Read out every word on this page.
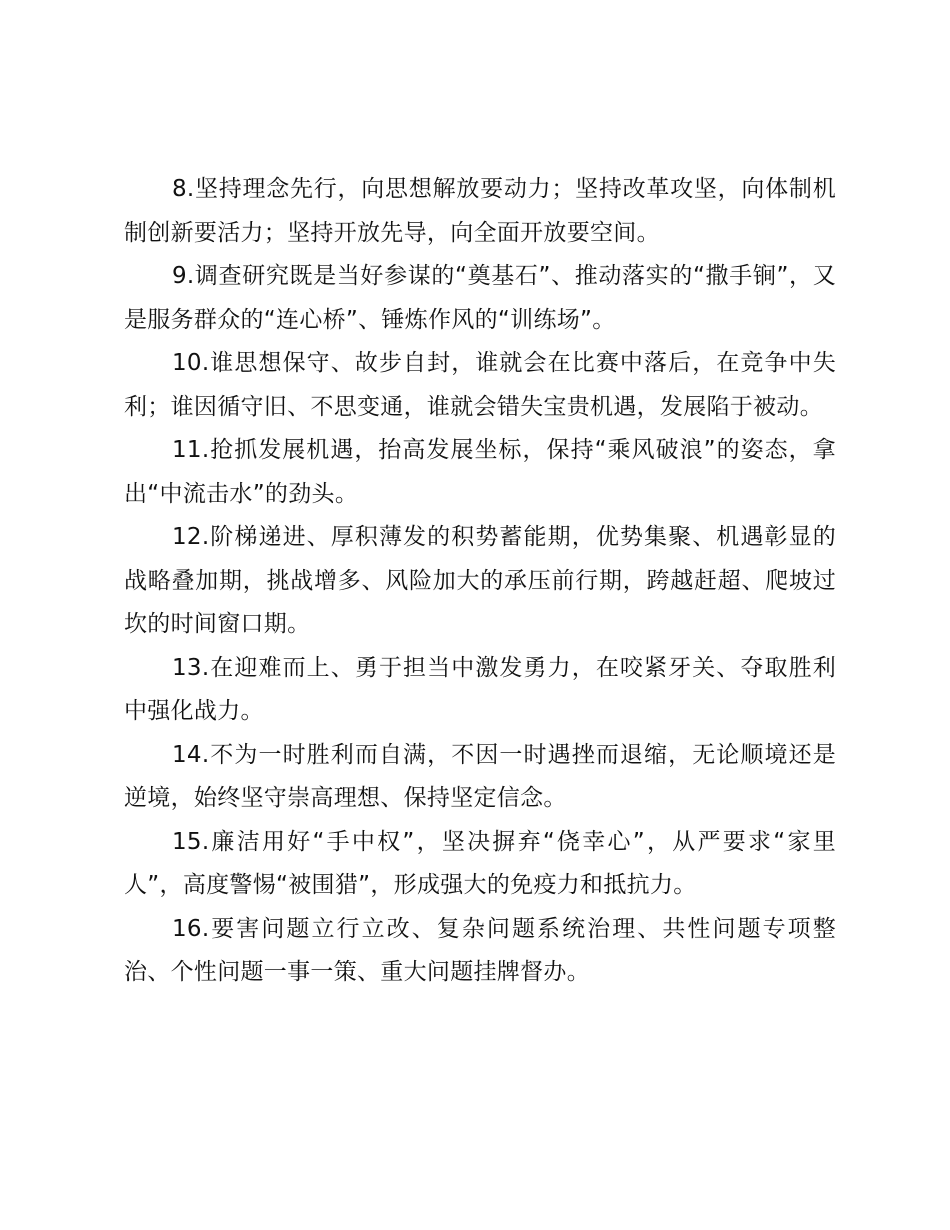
8.坚持理念先行，向思想解放要动力；坚持改革攻坚，向体制机制创新要活力；坚持开放先导，向全面开放要空间。

9.调查研究既是当好参谋的“奠基石”、推动落实的“撒手锏”，又是服务群众的“连心桥”、锤炼作风的“训练场”。

10.谁思想保守、故步自封，谁就会在比赛中落后，在竞争中失利；谁因循守旧、不思变通，谁就会错失宝贵机遇，发展陷于被动。

11.抢抓发展机遇，抬高发展坐标，保持“乘风破浪”的姿态，拿出“中流击水”的劲头。

12.阶梯递进、厚积薄发的积势蓄能期，优势集聚、机遇彰显的战略叠加期，挑战增多、风险加大的承压前行期，跨越赶超、爬坡过坎的时间窗口期。

13.在迎难而上、勇于担当中激发勇力，在咬紧牙关、夺取胜利中强化战力。

14.不为一时胜利而自满，不因一时遇挫而退缩，无论顺境还是逆境，始终坚守崇高理想、保持坚定信念。

15.廉洁用好“手中权”，坚决摒弃“侥幸心”，从严要求“家里人”，高度警惕“被围猎”，形成强大的免疫力和抵抗力。

16.要害问题立行立改、复杂问题系统治理、共性问题专项整治、个性问题一事一策、重大问题挂牌督办。
